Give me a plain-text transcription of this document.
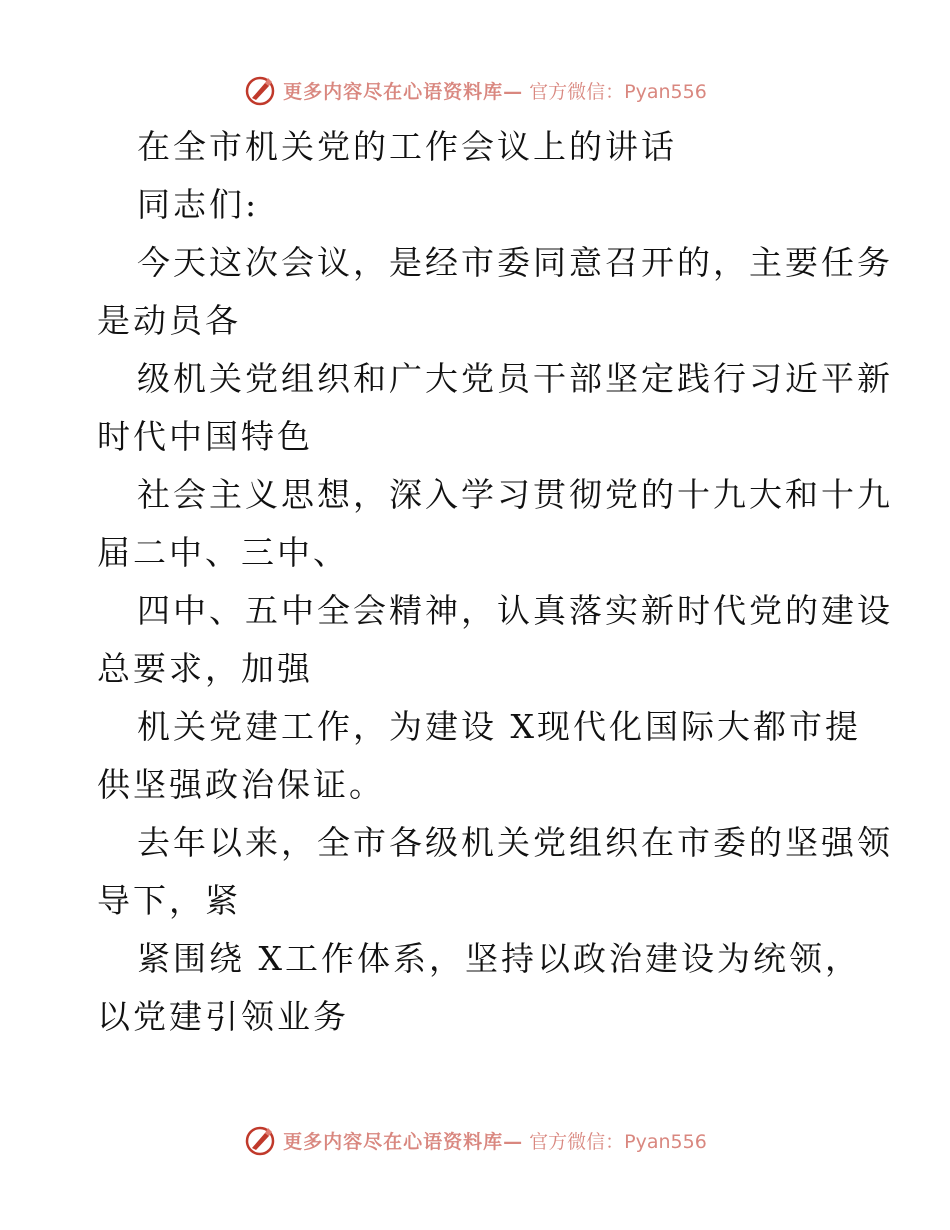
更多内容尽在心语资料库— 官方微信：Pyan556
在全市机关党的工作会议上的讲话
同志们:
今天这次会议，是经市委同意召开的，主要任务
是动员各
级机关党组织和广大党员干部坚定践行习近平新
时代中国特色
社会主义思想，深入学习贯彻党的十九大和十九
届二中、三中、
四中、五中全会精神，认真落实新时代党的建设
总要求，加强
机关党建工作，为建设 X现代化国际大都市提
供坚强政治保证。
去年以来，全市各级机关党组织在市委的坚强领
导下，紧
紧围绕 X工作体系，坚持以政治建设为统领，
以党建引领业务
更多内容尽在心语资料库— 官方微信：Pyan556
